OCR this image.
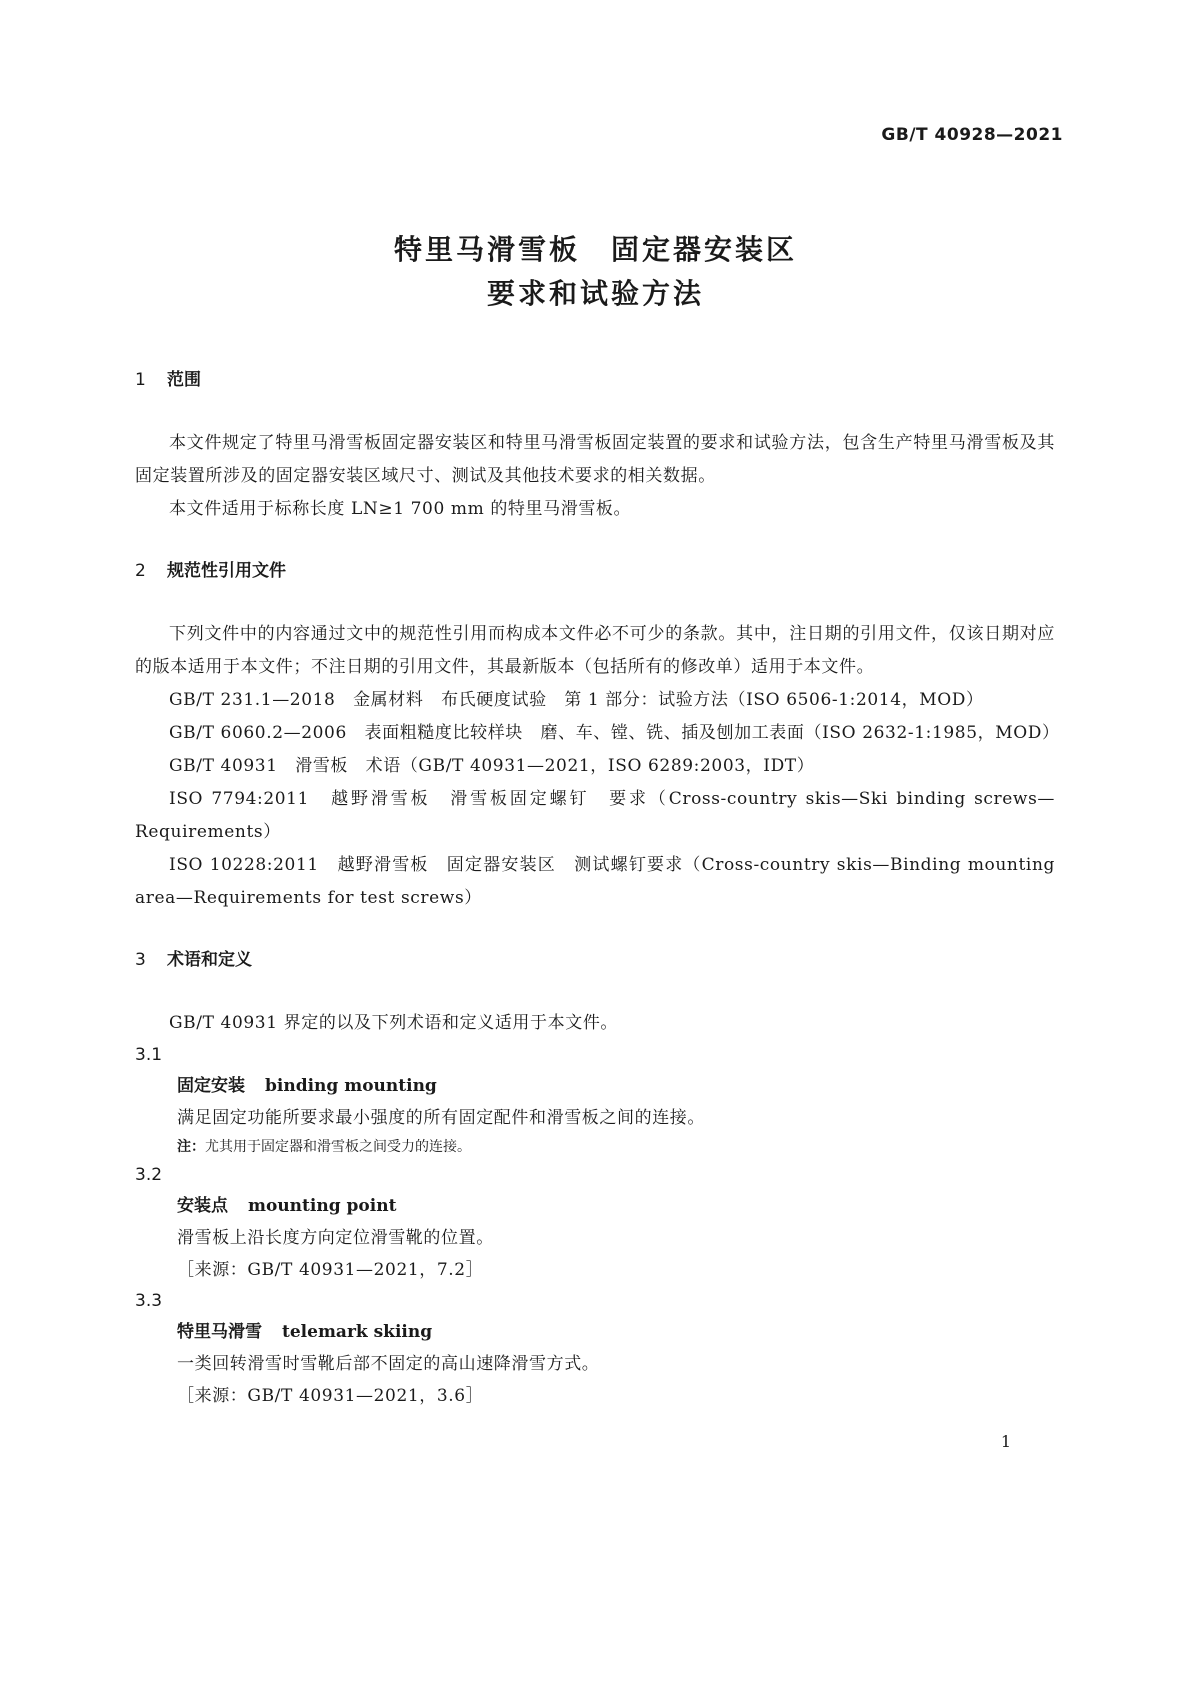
GB/T 40928—2021
特里马滑雪板　固定器安装区
要求和试验方法
1 范围

本文件规定了特里马滑雪板固定器安装区和特里马滑雪板固定装置的要求和试验方法，包含生产特里马滑雪板及其固定装置所涉及的固定器安装区域尺寸、测试及其他技术要求的相关数据。

本文件适用于标称长度 LN≥1 700 mm 的特里马滑雪板。

2 规范性引用文件

下列文件中的内容通过文中的规范性引用而构成本文件必不可少的条款。其中，注日期的引用文件，仅该日期对应的版本适用于本文件；不注日期的引用文件，其最新版本（包括所有的修改单）适用于本文件。

GB/T 231.1—2018　金属材料　布氏硬度试验　第 1 部分：试验方法（ISO 6506-1:2014，MOD）

GB/T 6060.2—2006　表面粗糙度比较样块　磨、车、镗、铣、插及刨加工表面（ISO 2632-1:1985，MOD）

GB/T 40931　滑雪板　术语（GB/T 40931—2021，ISO 6289:2003，IDT）

ISO 7794:2011　越野滑雪板　滑雪板固定螺钉　要求（Cross-country skis—Ski binding screws—Requirements）

ISO 10228:2011　越野滑雪板　固定器安装区　测试螺钉要求（Cross-country skis—Binding mounting area—Requirements for test screws）

3 术语和定义

GB/T 40931 界定的以及下列术语和定义适用于本文件。

3.1

固定安装 binding mounting

满足固定功能所要求最小强度的所有固定配件和滑雪板之间的连接。

注：尤其用于固定器和滑雪板之间受力的连接。

3.2

安装点 mounting point

滑雪板上沿长度方向定位滑雪靴的位置。

［来源：GB/T 40931—2021，7.2］

3.3

特里马滑雪 telemark skiing

一类回转滑雪时雪靴后部不固定的高山速降滑雪方式。

［来源：GB/T 40931—2021，3.6］

1
